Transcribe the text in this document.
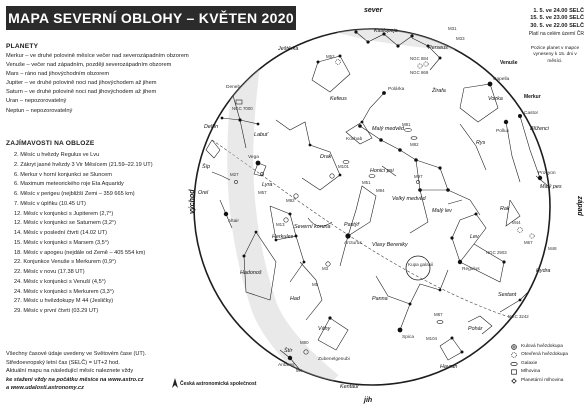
MAPA SEVERNÍ OBLOHY – KVĚTEN 2020
PLANETY
Merkur – ve druhé polovině měsíce večer nad severozápadním obzorem
Venuše – večer nad západním, později severozápadním obzorem
Mars – ráno nad jihovýchodním obzorem
Jupiter – ve druhé polovině noci nad jihovýchodem až jihem
Saturn – ve druhé polovině noci nad jihovýchodem až jihem
Uran – nepozorovatelný
Neptun – nepozorovatelný
ZAJÍMAVOSTI NA OBLOZE
2. Měsíc u hvězdy Regulus ve Lvu
2. Zákryt jasné hvězdy 3 Vir Měsícem (21.59–22.19 UT)
6. Merkur v horní konjunkci se Sluncem
6. Maximum meteorického roje Eta Aquaridy
6. Měsíc v perigeu (nejbližší Zemi – 359 665 km)
7. Měsíc v úplňku (10.45 UT)
12. Měsíc v konjunkci s Jupiterem (2,7°)
12. Měsíc v konjunkci se Saturnem (3,2°)
14. Měsíc v poslední čtvrti (14.02 UT)
15. Měsíc v konjunkci s Marsem (3,5°)
18. Měsíc v apogeu (nejdále od Země – 405 554 km)
22. Konjunkce Venuše s Merkurem (0,9°)
22. Měsíc v novu (17.38 UT)
24. Měsíc v konjunkci s Venuší (4,5°)
24. Měsíc v konjunkci s Merkurem (3,3°)
27. Měsíc u hvězdokupy M 44 (Jesličky)
29. Měsíc v první čtvrti (03.29 UT)
Všechny časové údaje uvedeny ve Světovém čase (UT).
Středoevropský letní čas (SELČ) = UT+2 hod.
Aktuální mapu na následující měsíc naleznete vždy
ke stažení vždy na počátku měsíce na www.astro.cz
a www.udalosti.astronomy.cz
1. 5. ve 24.00 SELČ
15. 5. ve 23.00 SELČ
30. 5. ve 22.00 SELČ
Platí na celém území ČR
Pozice planet v mapce vyneseny k 15. dni v měsíci.
Kulová hvězdokupa
Otevřená hvězdokupa
Galaxie
Mlhovina
Planetární mlhovina
Česká astronomická společnost
Kasiopeja
Perseus
Žirafa
Kefeus
Drak
Malý medvěd
Velký medvěd
Lyra
Labuť
Ještěrka
Delfín
Šíp
Orel
Herkules
Severní koruna Pastýř
Vlasy Bereniky
Lev
Malý lev
Rys
Vozka
Blíženci
Rak
Malý pes
Hydra
Sextant
Pohár
Havran
Panna
Váhy
Had
Hadonoš
Štír
Kentaur
Honicí psi
Capella
Castor
Pollux
Procyon
Regulus
Arcturus
Spica
Vega
Deneb
Altair
Antares
Polárka
Zubenelgenubi
Kochab
Venuše
Merkur
M52
NGC 7000
M31
M33
M101
M81
M82
M97
M51
M94
M3
M13
M92
M5
M57
M27
M44
M67
M48
M104
M87
M4
M80
NGC 884
NGC 869
NGC 2903
NGC 3242
Kupa galaxií
sever
jih
východ	západ
